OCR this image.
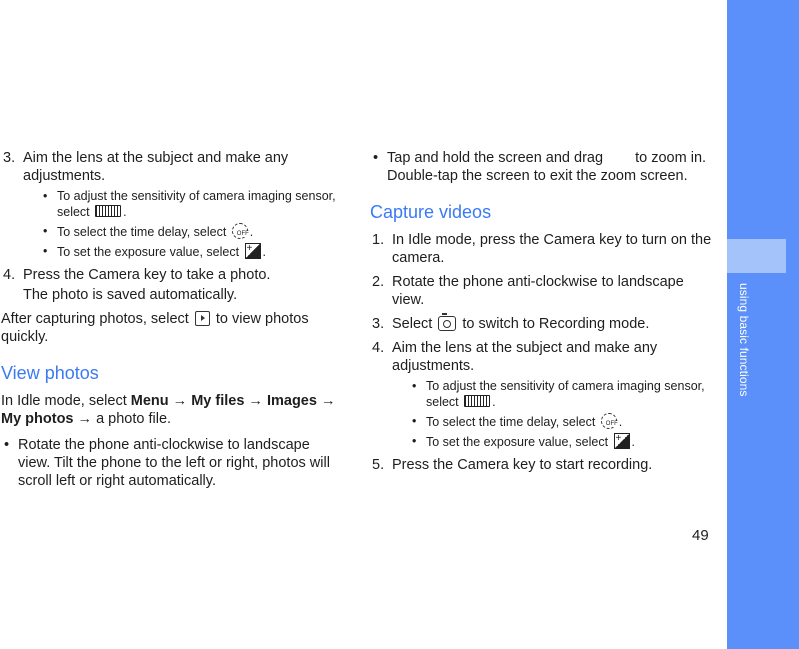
using basic functions
49
3. Aim the lens at the subject and make any adjustments.
• To adjust the sensitivity of camera imaging sensor, select	.
• To select the time delay, select OFF .
• To set the exposure value, select + .
4. Press the Camera key to take a photo.
The photo is saved automatically.
After capturing photos, select to view photos quickly.
View photos
In Idle mode, select Menu → My files → Images → My photos → a photo file.
• Rotate the phone anti-clockwise to landscape view. Tilt the phone to the left or right, photos will scroll left or right automatically.
• Tap and hold the screen and drag to zoom in. Double-tap the screen to exit the zoom screen.
Capture videos
1. In Idle mode, press the Camera key to turn on the camera.
2. Rotate the phone anti-clockwise to landscape view.
3. Select to switch to Recording mode.
4. Aim the lens at the subject and make any adjustments.
• To adjust the sensitivity of camera imaging sensor, select	.
• To select the time delay, select OFF .
• To set the exposure value, select + .
5. Press the Camera key to start recording.
